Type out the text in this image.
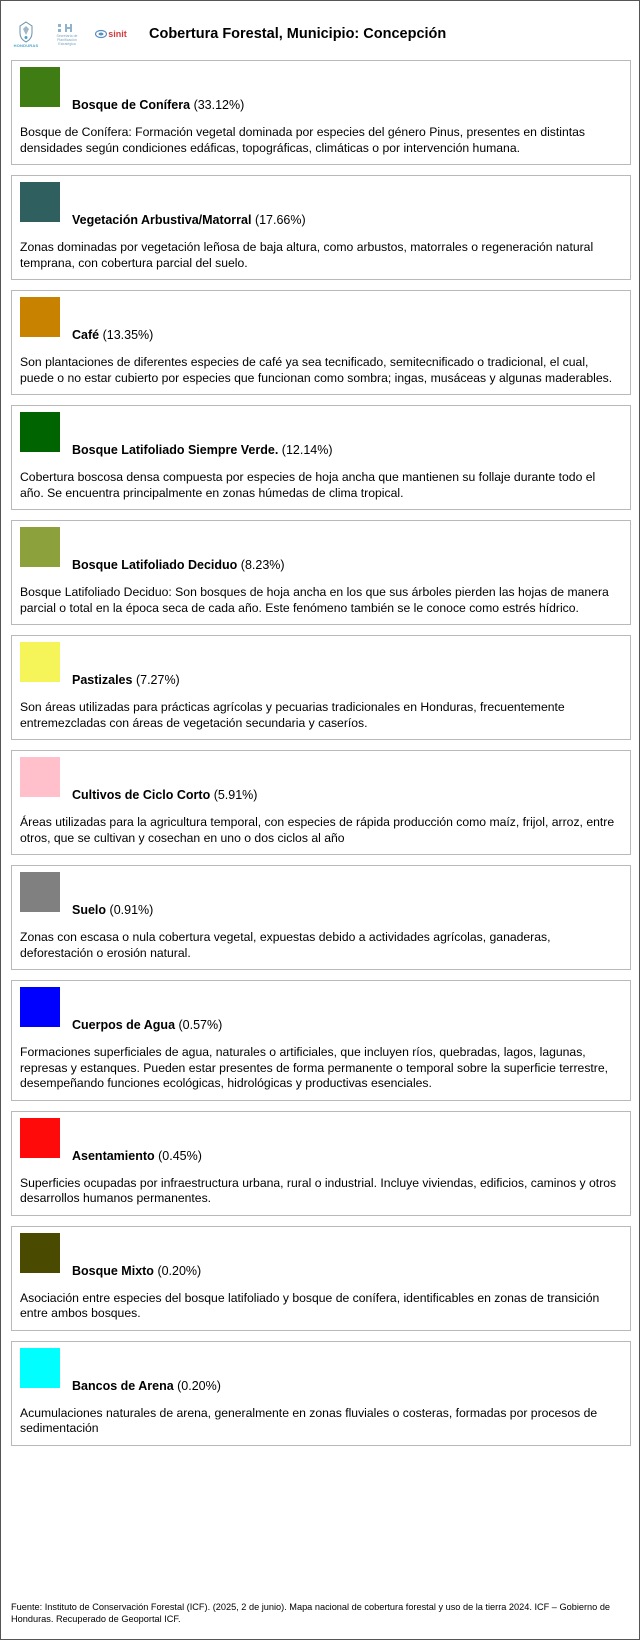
HONDURAS
Secretaría de
Planificación
Estratégica
sinit Cobertura Forestal, Municipio: Concepción
Bosque de Conífera (33.12%)
Bosque de Conífera: Formación vegetal dominada por especies del género Pinus, presentes en distintas densidades según condiciones edáficas, topográficas, climáticas o por intervención humana.
Vegetación Arbustiva/Matorral (17.66%)
Zonas dominadas por vegetación leñosa de baja altura, como arbustos, matorrales o regeneración natural temprana, con cobertura parcial del suelo.
Café (13.35%)
Son plantaciones de diferentes especies de café ya sea tecnificado, semitecnificado o tradicional, el cual, puede o no estar cubierto por especies que funcionan como sombra; ingas, musáceas y algunas maderables.
Bosque Latifoliado Siempre Verde. (12.14%)
Cobertura boscosa densa compuesta por especies de hoja ancha que mantienen su follaje durante todo el año. Se encuentra principalmente en zonas húmedas de clima tropical.
Bosque Latifoliado Deciduo (8.23%)
Bosque Latifoliado Deciduo: Son bosques de hoja ancha en los que sus árboles pierden las hojas de manera parcial o total en la época seca de cada año. Este fenómeno también se le conoce como estrés hídrico.
Pastizales (7.27%)
Son áreas utilizadas para prácticas agrícolas y pecuarias tradicionales en Honduras, frecuentemente entremezcladas con áreas de vegetación secundaria y caseríos.
Cultivos de Ciclo Corto (5.91%)
Áreas utilizadas para la agricultura temporal, con especies de rápida producción como maíz, frijol, arroz, entre otros, que se cultivan y cosechan en uno o dos ciclos al año
Suelo (0.91%)
Zonas con escasa o nula cobertura vegetal, expuestas debido a actividades agrícolas, ganaderas, deforestación o erosión natural.
Cuerpos de Agua (0.57%)
Formaciones superficiales de agua, naturales o artificiales, que incluyen ríos, quebradas, lagos, lagunas, represas y estanques. Pueden estar presentes de forma permanente o temporal sobre la superficie terrestre, desempeñando funciones ecológicas, hidrológicas y productivas esenciales.
Asentamiento (0.45%)
Superficies ocupadas por infraestructura urbana, rural o industrial. Incluye viviendas, edificios, caminos y otros desarrollos humanos permanentes.
Bosque Mixto (0.20%)
Asociación entre especies del bosque latifoliado y bosque de conífera, identificables en zonas de transición entre ambos bosques.
Bancos de Arena (0.20%)
Acumulaciones naturales de arena, generalmente en zonas fluviales o costeras, formadas por procesos de sedimentación
Fuente: Instituto de Conservación Forestal (ICF). (2025, 2 de junio). Mapa nacional de cobertura forestal y uso de la tierra 2024. ICF – Gobierno de Honduras. Recuperado de Geoportal ICF.
